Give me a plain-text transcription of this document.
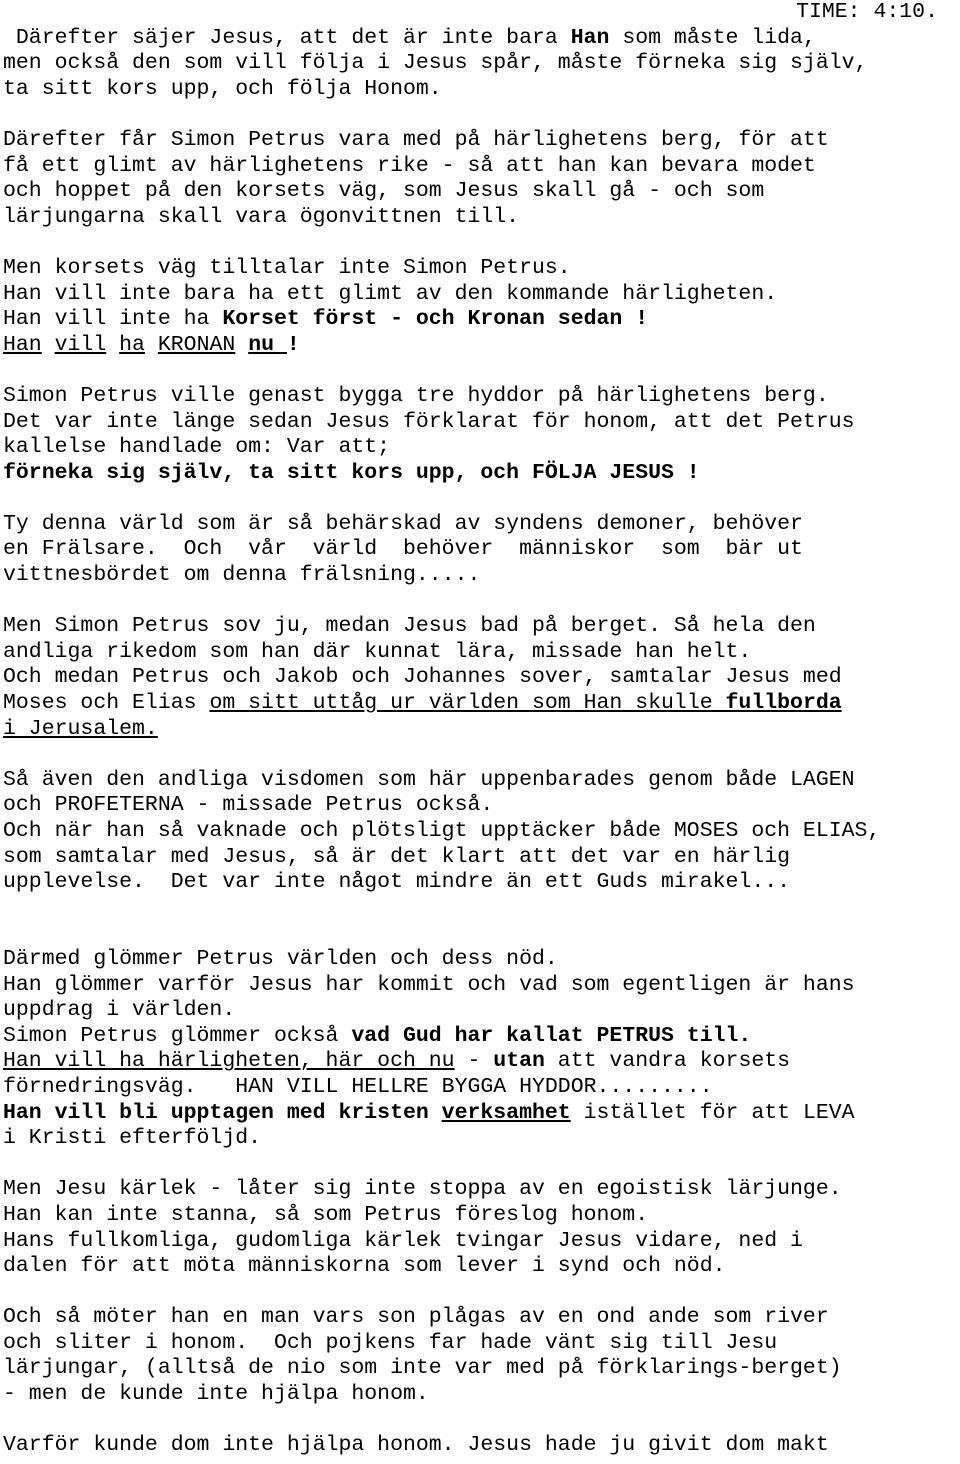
TIME: 4:10.
Därefter säjer Jesus, att det är inte bara Han som måste lida,
men också den som vill följa i Jesus spår, måste förneka sig själv,
ta sitt kors upp, och följa Honom.
Därefter får Simon Petrus vara med på härlighetens berg, för att
få ett glimt av härlighetens rike - så att han kan bevara modet
och hoppet på den korsets väg, som Jesus skall gå - och som
lärjungarna skall vara ögonvittnen till.
Men korsets väg tilltalar inte Simon Petrus.
Han vill inte bara ha ett glimt av den kommande härligheten.
Han vill inte ha Korset först - och Kronan sedan !
Han vill ha KRONAN nu !
Simon Petrus ville genast bygga tre hyddor på härlighetens berg.
Det var inte länge sedan Jesus förklarat för honom, att det Petrus
kallelse handlade om: Var att;
förneka sig själv, ta sitt kors upp, och FÖLJA JESUS !
Ty denna värld som är så behärskad av syndens demoner, behöver
en Frälsare.  Och  vår  värld  behöver  människor  som  bär ut
vittnesbördet om denna frälsning.....
Men Simon Petrus sov ju, medan Jesus bad på berget. Så hela den
andliga rikedom som han där kunnat lära, missade han helt.
Och medan Petrus och Jakob och Johannes sover, samtalar Jesus med
Moses och Elias om sitt uttåg ur världen som Han skulle fullborda
i Jerusalem.
Så även den andliga visdomen som här uppenbarades genom både LAGEN
och PROFETERNA - missade Petrus också.
Och när han så vaknade och plötsligt upptäcker både MOSES och ELIAS,
som samtalar med Jesus, så är det klart att det var en härlig
upplevelse.  Det var inte något mindre än ett Guds mirakel...
Därmed glömmer Petrus världen och dess nöd.
Han glömmer varför Jesus har kommit och vad som egentligen är hans
uppdrag i världen.
Simon Petrus glömmer också vad Gud har kallat PETRUS till.
Han vill ha härligheten, här och nu - utan att vandra korsets
förnedringsväg.   HAN VILL HELLRE BYGGA HYDDOR.........
Han vill bli upptagen med kristen verksamhet istället för att LEVA
i Kristi efterföljd.
Men Jesu kärlek - låter sig inte stoppa av en egoistisk lärjunge.
Han kan inte stanna, så som Petrus föreslog honom.
Hans fullkomliga, gudomliga kärlek tvingar Jesus vidare, ned i
dalen för att möta människorna som lever i synd och nöd.
Och så möter han en man vars son plågas av en ond ande som river
och sliter i honom.  Och pojkens far hade vänt sig till Jesu
lärjungar, (alltså de nio som inte var med på förklarings-berget)
- men de kunde inte hjälpa honom.
Varför kunde dom inte hjälpa honom. Jesus hade ju givit dom makt
